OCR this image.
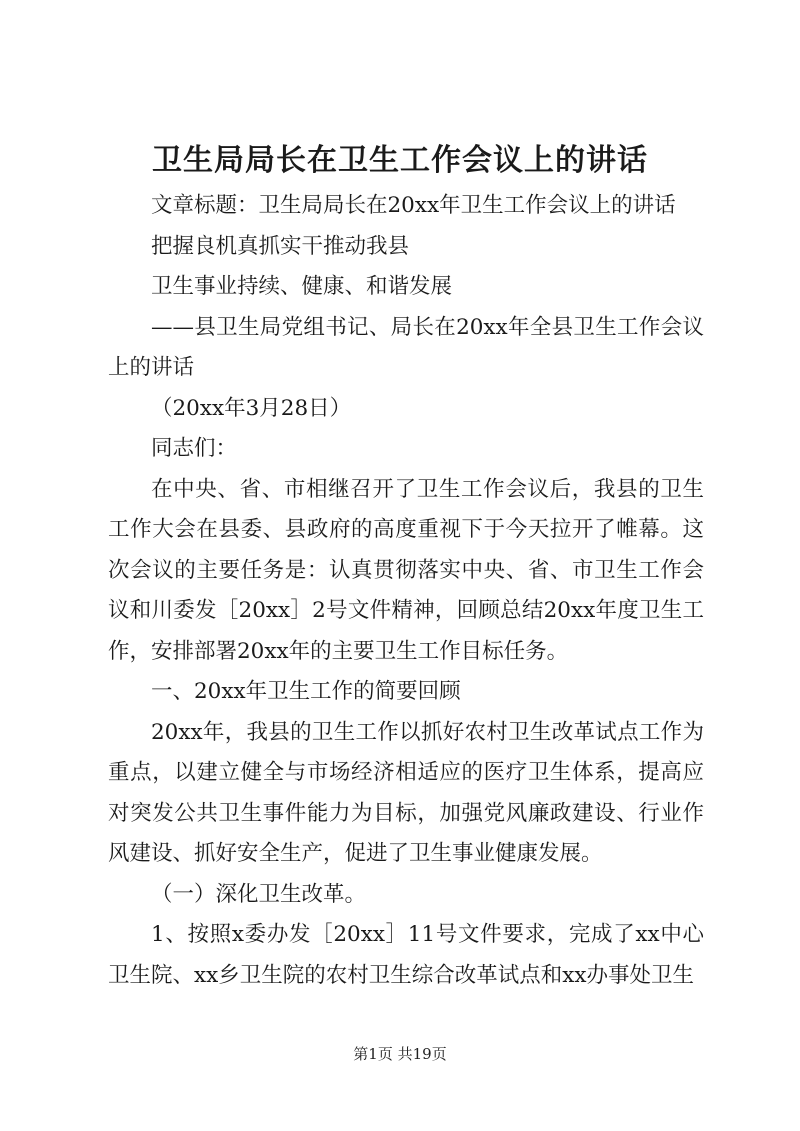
卫生局局长在卫生工作会议上的讲话

文章标题：卫生局局长在20xx年卫生工作会议上的讲话

把握良机真抓实干推动我县

卫生事业持续、健康、和谐发展

——县卫生局党组书记、局长在20xx年全县卫生工作会议上的讲话

（20xx年3月28日）

同志们：

在中央、省、市相继召开了卫生工作会议后，我县的卫生工作大会在县委、县政府的高度重视下于今天拉开了帷幕。这次会议的主要任务是：认真贯彻落实中央、省、市卫生工作会议和川委发［20xx］2号文件精神，回顾总结20xx年度卫生工作，安排部署20xx年的主要卫生工作目标任务。

一、20xx年卫生工作的简要回顾

20xx年，我县的卫生工作以抓好农村卫生改革试点工作为重点，以建立健全与市场经济相适应的医疗卫生体系，提高应对突发公共卫生事件能力为目标，加强党风廉政建设、行业作风建设、抓好安全生产，促进了卫生事业健康发展。

（一）深化卫生改革。

1、按照x委办发［20xx］11号文件要求，完成了xx中心卫生院、xx乡卫生院的农村卫生综合改革试点和xx办事处卫生

第1页 共19页
